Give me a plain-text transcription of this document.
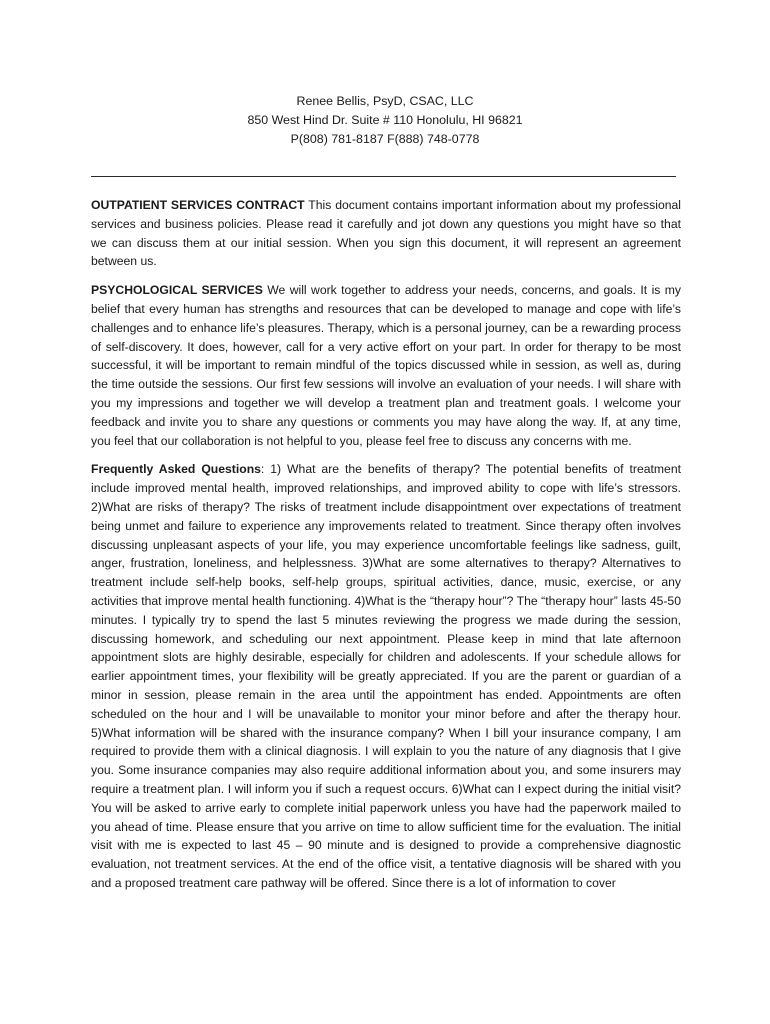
Renee Bellis, PsyD, CSAC, LLC
850 West Hind Dr. Suite # 110 Honolulu, HI 96821
P(808) 781-8187 F(888) 748-0778

OUTPATIENT SERVICES CONTRACT This document contains important information about my professional services and business policies. Please read it carefully and jot down any questions you might have so that we can discuss them at our initial session. When you sign this document, it will represent an agreement between us.

PSYCHOLOGICAL SERVICES We will work together to address your needs, concerns, and goals. It is my belief that every human has strengths and resources that can be developed to manage and cope with life’s challenges and to enhance life’s pleasures. Therapy, which is a personal journey, can be a rewarding process of self-discovery. It does, however, call for a very active effort on your part. In order for therapy to be most successful, it will be important to remain mindful of the topics discussed while in session, as well as, during the time outside the sessions. Our first few sessions will involve an evaluation of your needs. I will share with you my impressions and together we will develop a treatment plan and treatment goals. I welcome your feedback and invite you to share any questions or comments you may have along the way. If, at any time, you feel that our collaboration is not helpful to you, please feel free to discuss any concerns with me.

Frequently Asked Questions: 1) What are the benefits of therapy? The potential benefits of treatment include improved mental health, improved relationships, and improved ability to cope with life’s stressors. 2)What are risks of therapy? The risks of treatment include disappointment over expectations of treatment being unmet and failure to experience any improvements related to treatment. Since therapy often involves discussing unpleasant aspects of your life, you may experience uncomfortable feelings like sadness, guilt, anger, frustration, loneliness, and helplessness. 3)What are some alternatives to therapy? Alternatives to treatment include self-help books, self-help groups, spiritual activities, dance, music, exercise, or any activities that improve mental health functioning. 4)What is the “therapy hour”? The “therapy hour” lasts 45-50 minutes. I typically try to spend the last 5 minutes reviewing the progress we made during the session, discussing homework, and scheduling our next appointment. Please keep in mind that late afternoon appointment slots are highly desirable, especially for children and adolescents. If your schedule allows for earlier appointment times, your flexibility will be greatly appreciated. If you are the parent or guardian of a minor in session, please remain in the area until the appointment has ended. Appointments are often scheduled on the hour and I will be unavailable to monitor your minor before and after the therapy hour. 5)What information will be shared with the insurance company? When I bill your insurance company, I am required to provide them with a clinical diagnosis. I will explain to you the nature of any diagnosis that I give you. Some insurance companies may also require additional information about you, and some insurers may require a treatment plan. I will inform you if such a request occurs. 6)What can I expect during the initial visit? You will be asked to arrive early to complete initial paperwork unless you have had the paperwork mailed to you ahead of time. Please ensure that you arrive on time to allow sufficient time for the evaluation. The initial visit with me is expected to last 45 – 90 minute and is designed to provide a comprehensive diagnostic evaluation, not treatment services. At the end of the office visit, a tentative diagnosis will be shared with you and a proposed treatment care pathway will be offered. Since there is a lot of information to cover
